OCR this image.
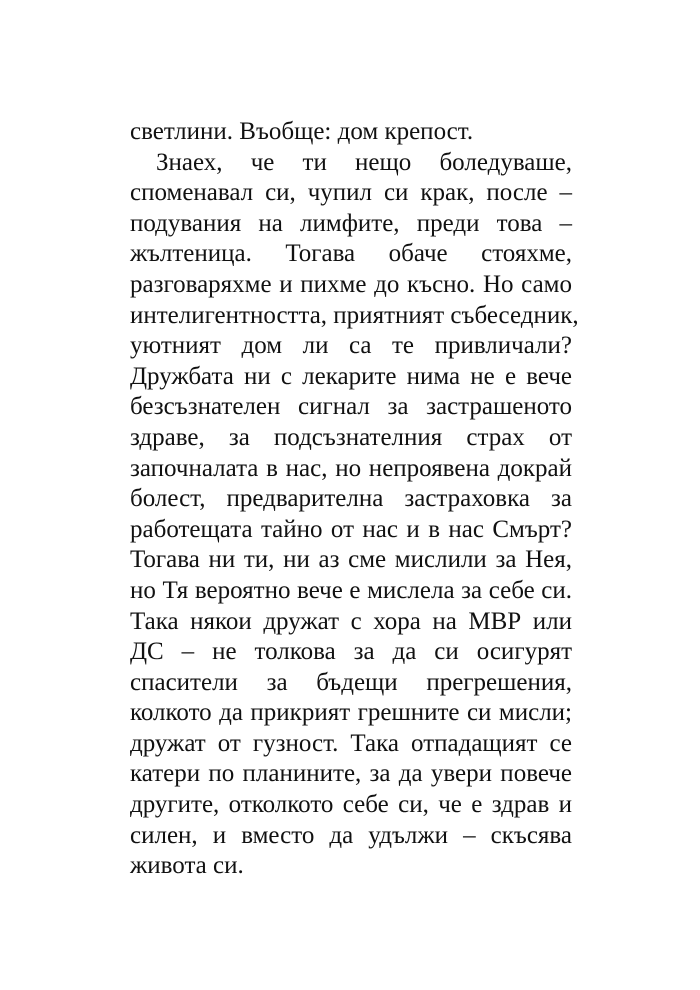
светлини. Въобще: дом крепост.
Знаех, че ти нещо боледуваше,
споменавал си, чупил си крак, после –
подувания на лимфите, преди това –
жълтеница. Тогава обаче стояхме,
разговаряхме и пихме до късно. Но само
интелигентността, приятният събеседник,
уютният дом ли са те привличали?
Дружбата ни с лекарите нима не е вече
безсъзнателен сигнал за застрашеното
здраве, за подсъзнателния страх от
започналата в нас, но непроявена докрай
болест, предварителна застраховка за
работещата тайно от нас и в нас Смърт?
Тогава ни ти, ни аз сме мислили за Нея,
но Тя вероятно вече е мислела за себе си.
Така някои дружат с хора на МВР или
ДС – не толкова за да си осигурят
спасители за бъдещи прегрешения,
колкото да прикрият грешните си мисли;
дружат от гузност. Така отпадащият се
катери по планините, за да увери повече
другите, отколкото себе си, че е здрав и
силен, и вместо да удължи – скъсява
живота си.
